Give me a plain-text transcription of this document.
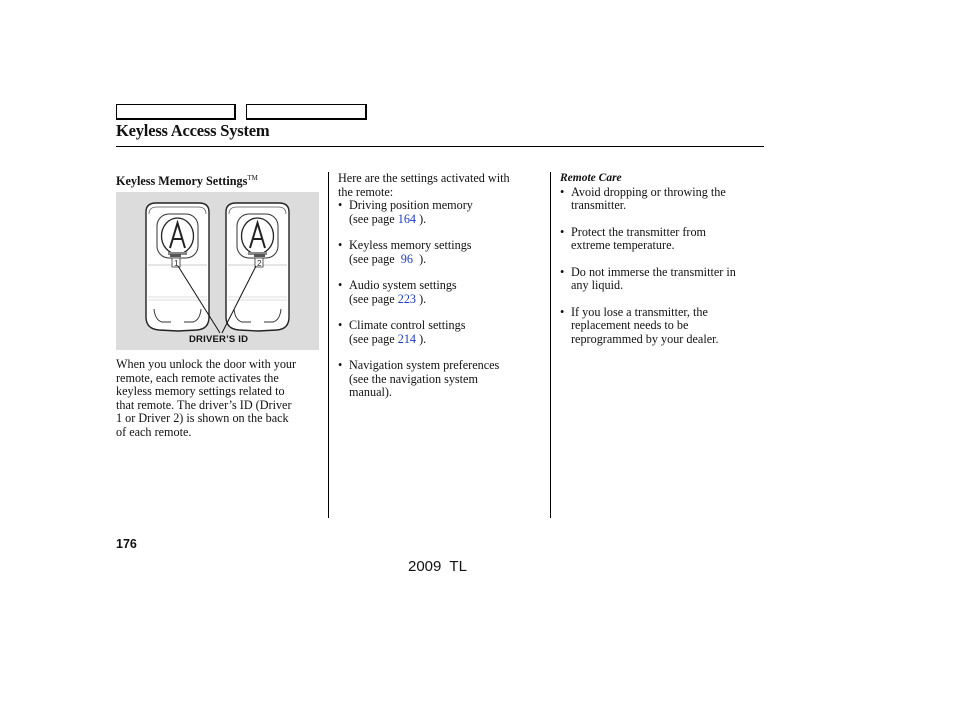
Keyless Access System
Keyless Memory Settings™
1	2
DRIVER’S ID
When you unlock the door with your
remote, each remote activates the
keyless memory settings related to
that remote. The driver’s ID (Driver
1 or Driver 2) is shown on the back
of each remote.
Here are the settings activated with
the remote:
• Driving position memory
(see page 164 ).
• Keyless memory settings
(see page  96  ).
• Audio system settings
(see page 223 ).
• Climate control settings
(see page 214 ).
• Navigation system preferences
(see the navigation system
manual).
Remote Care
• Avoid dropping or throwing the
transmitter.
• Protect the transmitter from
extreme temperature.
• Do not immerse the transmitter in
any liquid.
• If you lose a transmitter, the
replacement needs to be
reprogrammed by your dealer.
176
2009  TL
